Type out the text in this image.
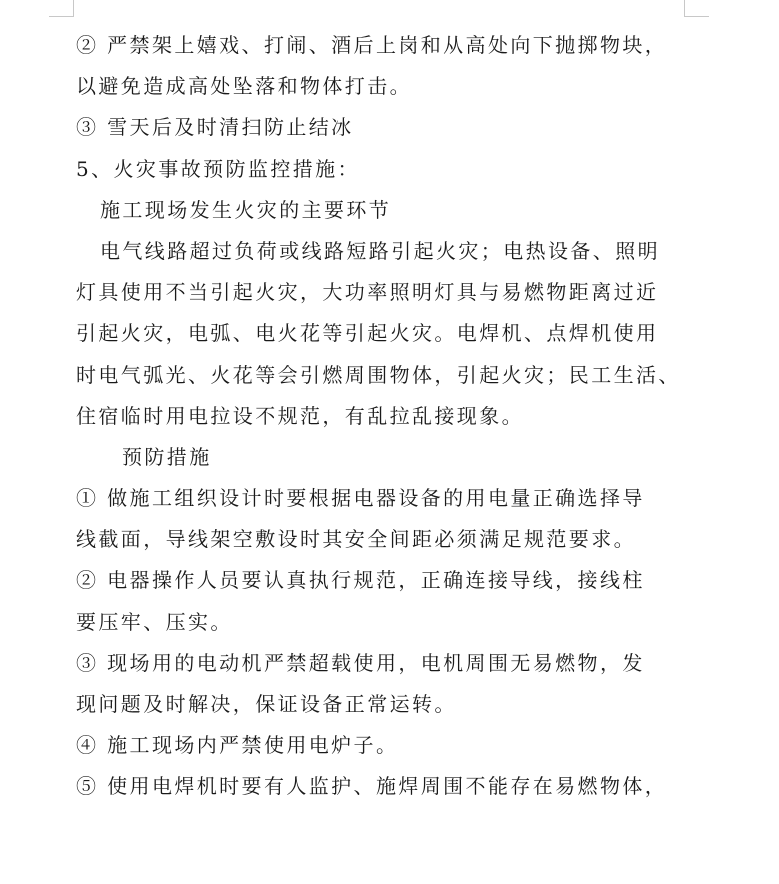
② 严禁架上嬉戏、打闹、酒后上岗和从高处向下抛掷物块，
以避免造成高处坠落和物体打击。
③ 雪天后及时清扫防止结冰
5、火灾事故预防监控措施：
施工现场发生火灾的主要环节
电气线路超过负荷或线路短路引起火灾；电热设备、照明
灯具使用不当引起火灾，大功率照明灯具与易燃物距离过近
引起火灾，电弧、电火花等引起火灾。电焊机、点焊机使用
时电气弧光、火花等会引燃周围物体，引起火灾；民工生活、
住宿临时用电拉设不规范，有乱拉乱接现象。
预防措施
① 做施工组织设计时要根据电器设备的用电量正确选择导
线截面，导线架空敷设时其安全间距必须满足规范要求。
② 电器操作人员要认真执行规范，正确连接导线，接线柱
要压牢、压实。
③ 现场用的电动机严禁超载使用，电机周围无易燃物，发
现问题及时解决，保证设备正常运转。
④ 施工现场内严禁使用电炉子。
⑤ 使用电焊机时要有人监护、施焊周围不能存在易燃物体，
